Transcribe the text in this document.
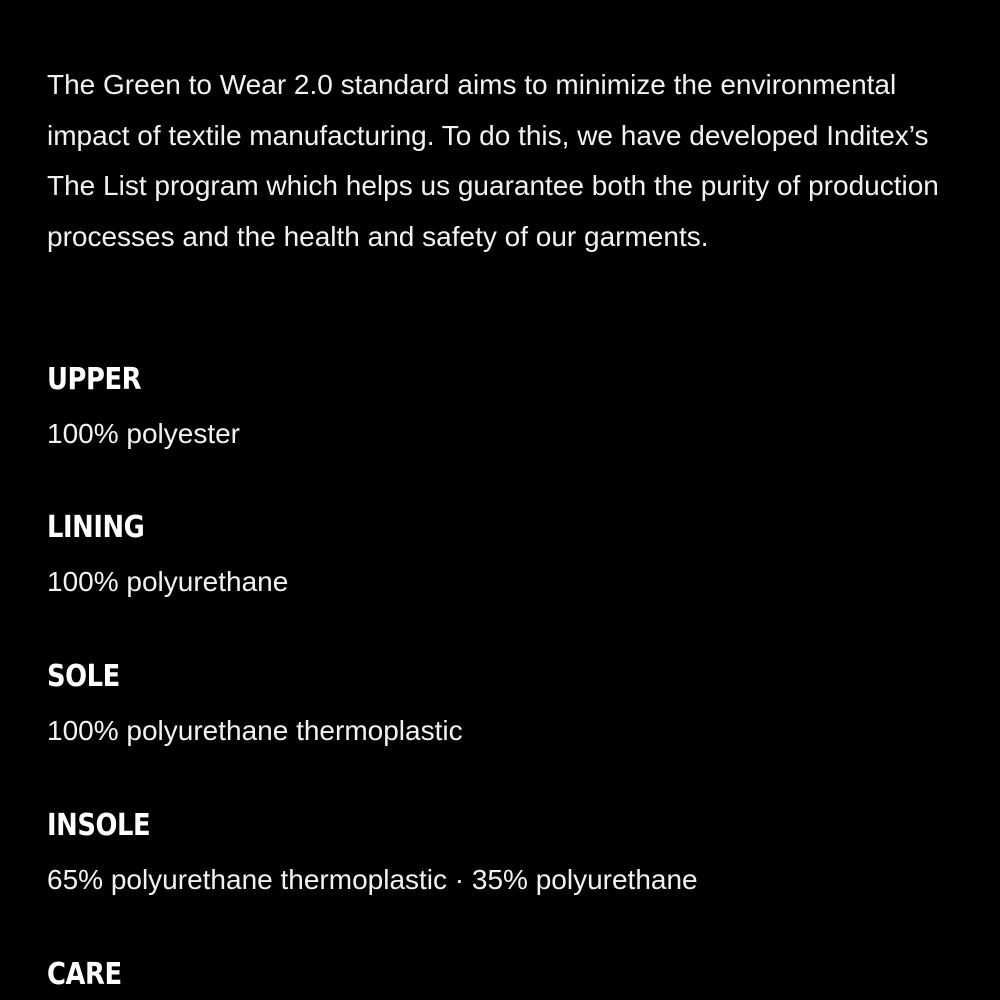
The Green to Wear 2.0 standard aims to minimize the environmental impact of textile manufacturing. To do this, we have developed Inditex’s The List program which helps us guarantee both the purity of production processes and the health and safety of our garments.

UPPER

100% polyester

LINING

100% polyurethane

SOLE

100% polyurethane thermoplastic

INSOLE

65% polyurethane thermoplastic · 35% polyurethane

CARE
